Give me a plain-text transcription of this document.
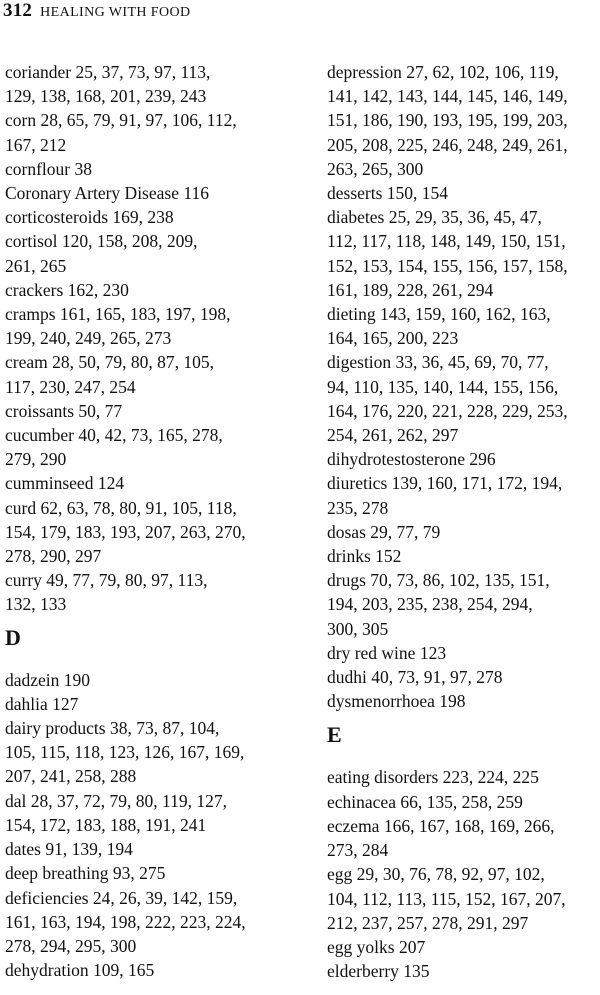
312 HEALING WITH FOOD
coriander 25, 37, 73, 97, 113,
129, 138, 168, 201, 239, 243
corn 28, 65, 79, 91, 97, 106, 112,
167, 212
cornflour 38
Coronary Artery Disease 116
corticosteroids 169, 238
cortisol 120, 158, 208, 209,
261, 265
crackers 162, 230
cramps 161, 165, 183, 197, 198,
199, 240, 249, 265, 273
cream 28, 50, 79, 80, 87, 105,
117, 230, 247, 254
croissants 50, 77
cucumber 40, 42, 73, 165, 278,
279, 290
cumminseed 124
curd 62, 63, 78, 80, 91, 105, 118,
154, 179, 183, 193, 207, 263, 270,
278, 290, 297
curry 49, 77, 79, 80, 97, 113,
132, 133
D
dadzein 190
dahlia 127
dairy products 38, 73, 87, 104,
105, 115, 118, 123, 126, 167, 169,
207, 241, 258, 288
dal 28, 37, 72, 79, 80, 119, 127,
154, 172, 183, 188, 191, 241
dates 91, 139, 194
deep breathing 93, 275
deficiencies 24, 26, 39, 142, 159,
161, 163, 194, 198, 222, 223, 224,
278, 294, 295, 300
dehydration 109, 165
depression 27, 62, 102, 106, 119,
141, 142, 143, 144, 145, 146, 149,
151, 186, 190, 193, 195, 199, 203,
205, 208, 225, 246, 248, 249, 261,
263, 265, 300
desserts 150, 154
diabetes 25, 29, 35, 36, 45, 47,
112, 117, 118, 148, 149, 150, 151,
152, 153, 154, 155, 156, 157, 158,
161, 189, 228, 261, 294
dieting 143, 159, 160, 162, 163,
164, 165, 200, 223
digestion 33, 36, 45, 69, 70, 77,
94, 110, 135, 140, 144, 155, 156,
164, 176, 220, 221, 228, 229, 253,
254, 261, 262, 297
dihydrotestosterone 296
diuretics 139, 160, 171, 172, 194,
235, 278
dosas 29, 77, 79
drinks 152
drugs 70, 73, 86, 102, 135, 151,
194, 203, 235, 238, 254, 294,
300, 305
dry red wine 123
dudhi 40, 73, 91, 97, 278
dysmenorrhoea 198
E
eating disorders 223, 224, 225
echinacea 66, 135, 258, 259
eczema 166, 167, 168, 169, 266,
273, 284
egg 29, 30, 76, 78, 92, 97, 102,
104, 112, 113, 115, 152, 167, 207,
212, 237, 257, 278, 291, 297
egg yolks 207
elderberry 135
